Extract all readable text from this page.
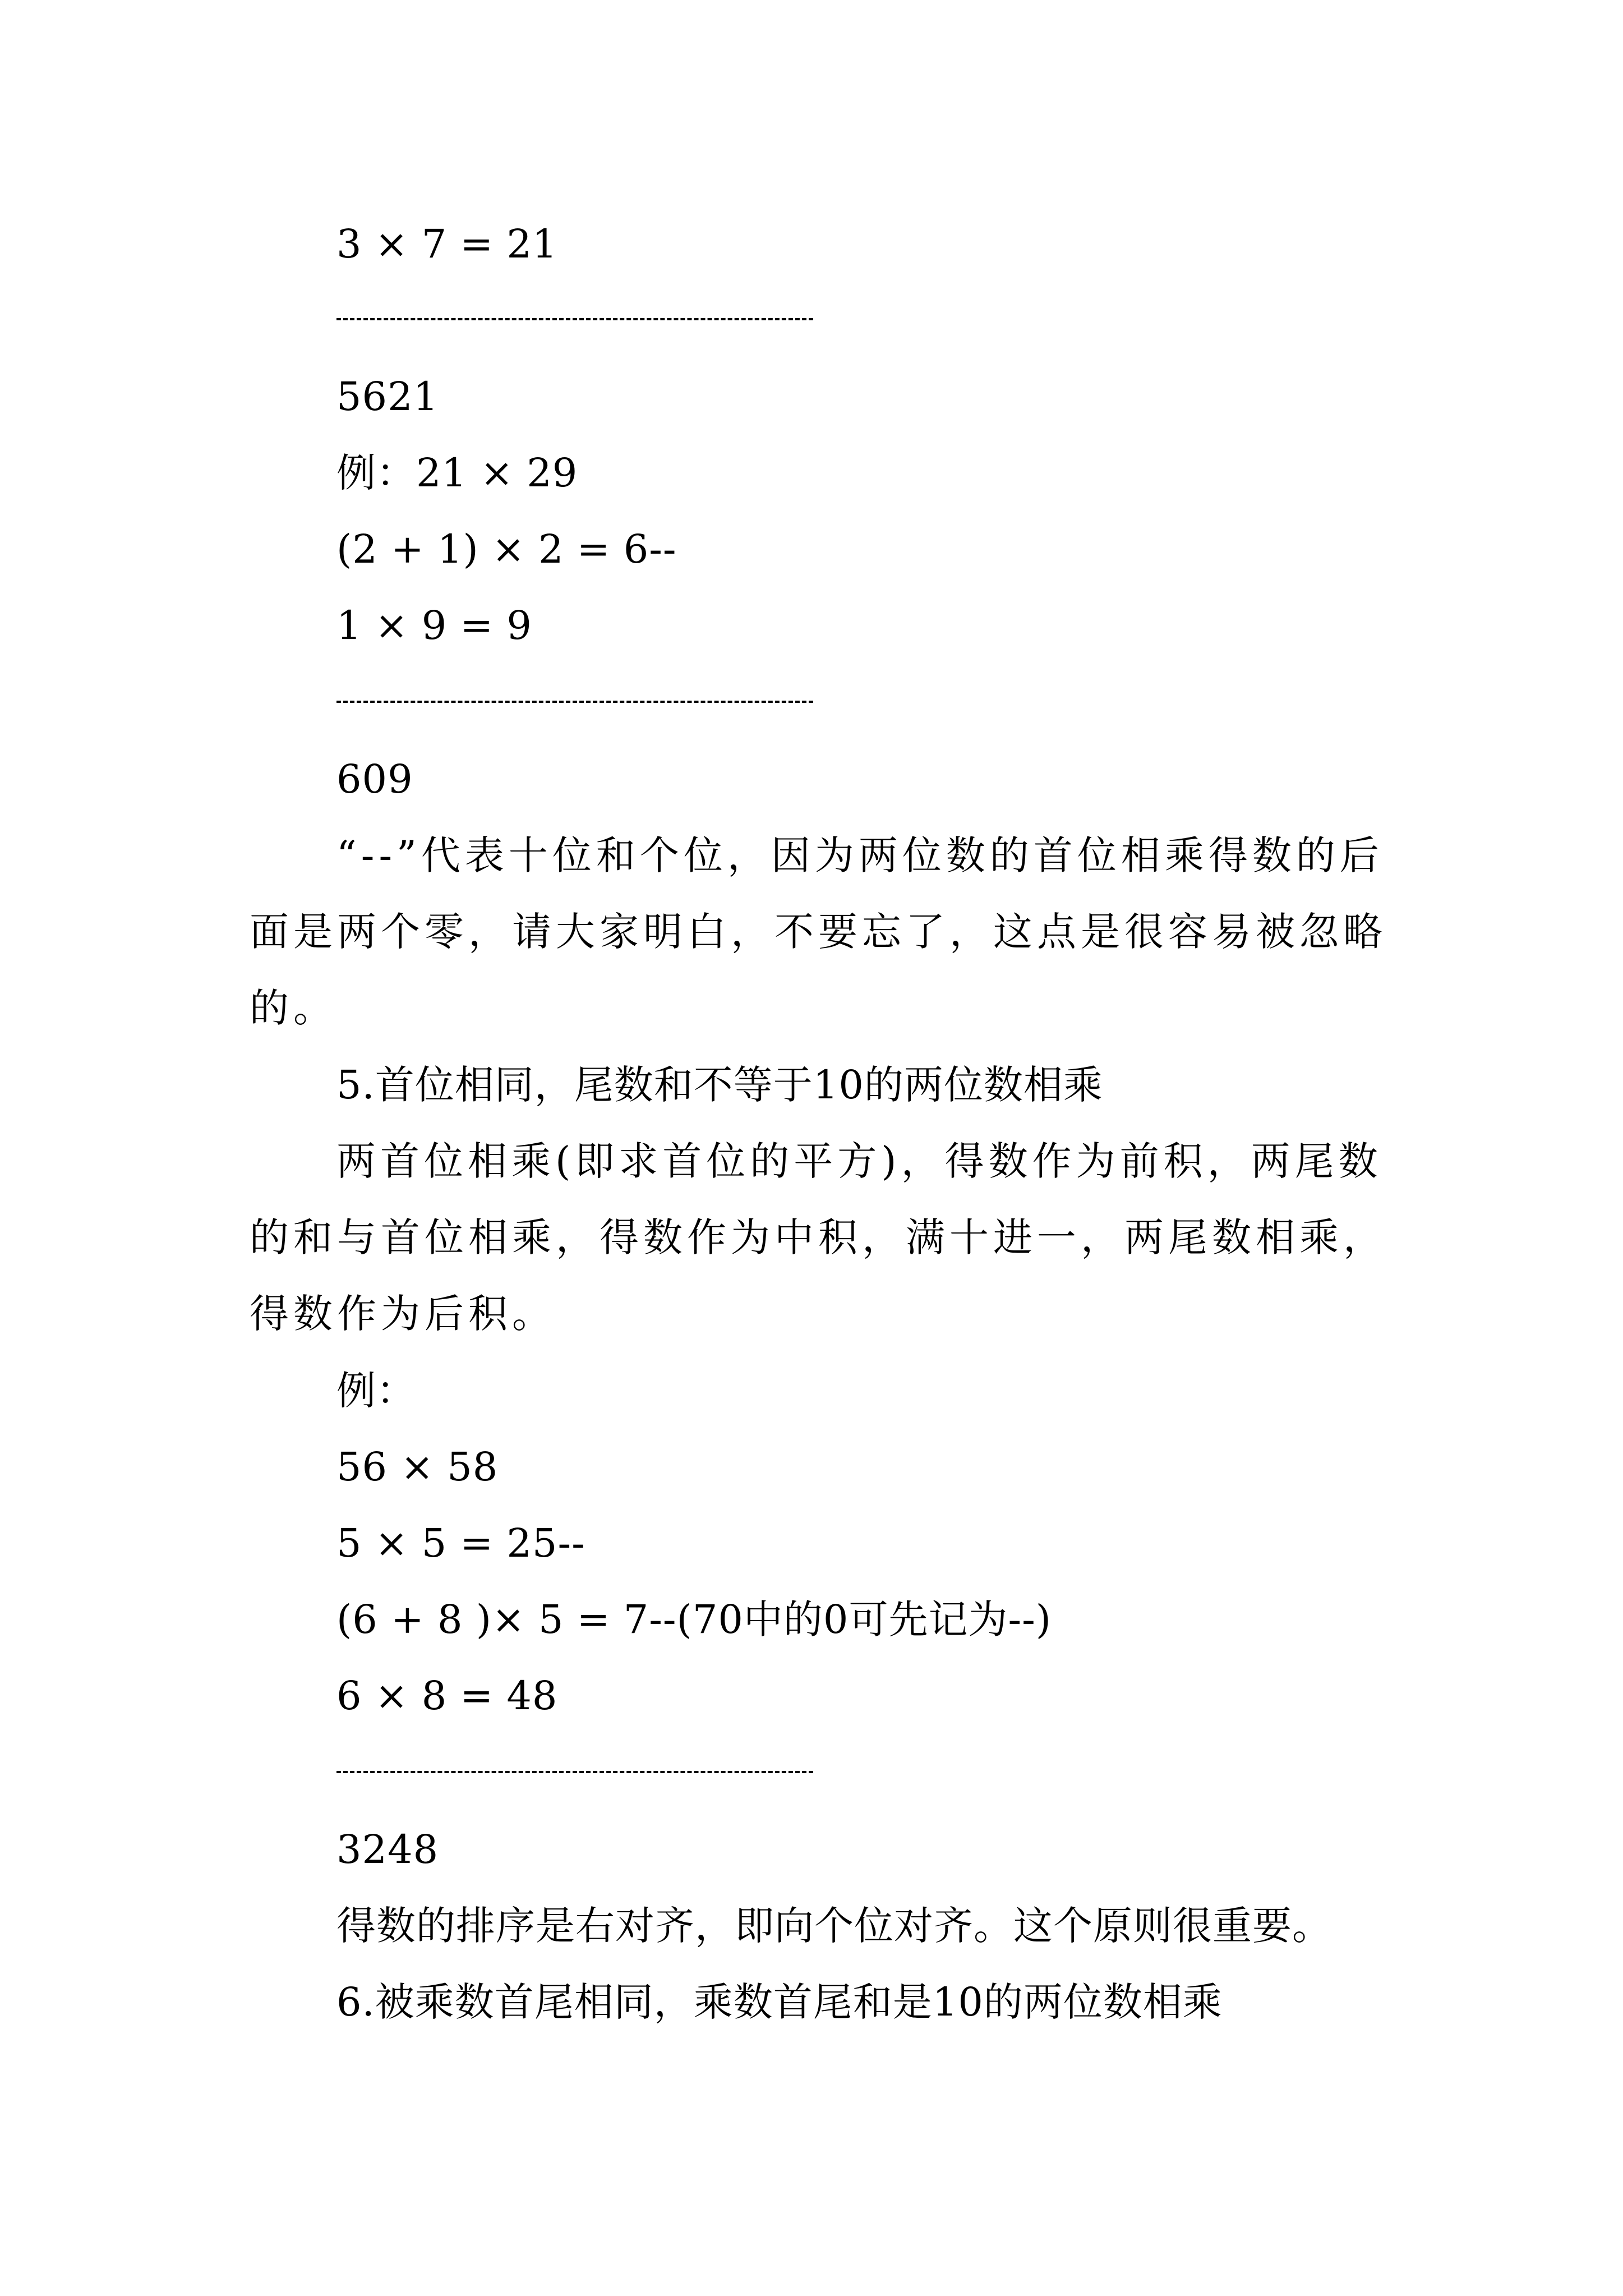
3 × 7 = 21
5621
例：21 × 29
(2 + 1) × 2 = 6--
1 × 9 = 9
609
“--”代表十位和个位，因为两位数的首位相乘得数的后面是两个零，请大家明白，不要忘了，这点是很容易被忽略的。
5.首位相同，尾数和不等于10的两位数相乘
两首位相乘(即求首位的平方)，得数作为前积，两尾数的和与首位相乘，得数作为中积，满十进一，两尾数相乘，得数作为后积。
例：
56 × 58
5 × 5 = 25--
(6 + 8 )× 5 = 7--(70中的0可先记为--)
6 × 8 = 48
3248
得数的排序是右对齐，即向个位对齐。这个原则很重要。
6.被乘数首尾相同，乘数首尾和是10的两位数相乘
